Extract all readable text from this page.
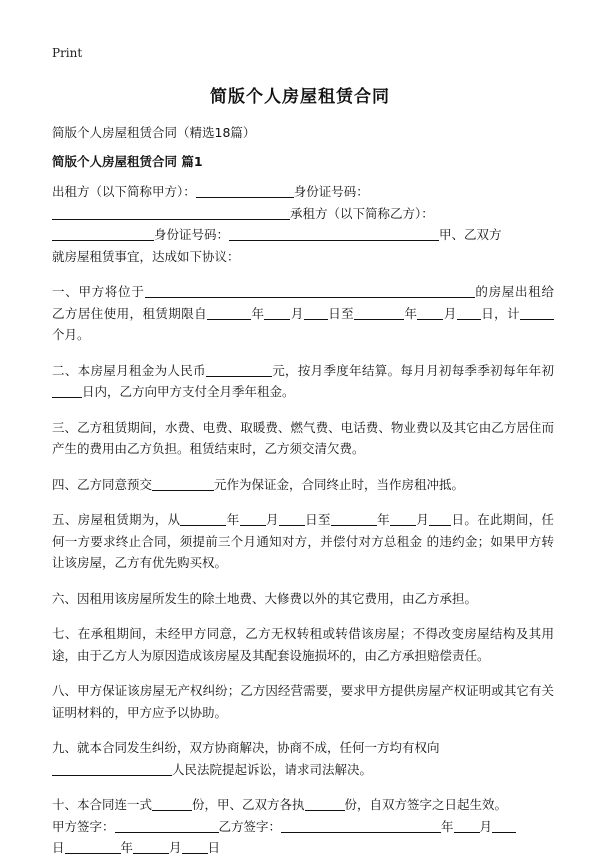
Print
简版个人房屋租赁合同
简版个人房屋租赁合同（精选18篇）
简版个人房屋租赁合同 篇1

出租方（以下简称甲方）：	身份证号码：
承租方（以下简称乙方）：
身份证号码：	甲、乙双方
就房屋租赁事宜，达成如下协议：

一、甲方将位于	的房屋出租给乙方居住使用，租赁期限自	年 月 日至	年 月 日，计个月。

二、本房屋月租金为人民币	元，按月季度年结算。每月月初每季季初每年年初日内，乙方向甲方支付全月季年租金。

三、乙方租赁期间，水费、电费、取暖费、燃气费、电话费、物业费以及其它由乙方居住而产生的费用由乙方负担。租赁结束时，乙方须交清欠费。

四、乙方同意预交	元作为保证金，合同终止时，当作房租冲抵。

五、房屋租赁期为，从	年 月 日至	年 月 日。在此期间，任何一方要求终止合同，须提前三个月通知对方，并偿付对方总租金 的违约金；如果甲方转让该房屋，乙方有优先购买权。

六、因租用该房屋所发生的除土地费、大修费以外的其它费用，由乙方承担。

七、在承租期间，未经甲方同意，乙方无权转租或转借该房屋；不得改变房屋结构及其用途，由于乙方人为原因造成该房屋及其配套设施损坏的，由乙方承担赔偿责任。

八、甲方保证该房屋无产权纠纷；乙方因经营需要，要求甲方提供房屋产权证明或其它有关证明材料的，甲方应予以协助。

九、就本合同发生纠纷，双方协商解决，协商不成，任何一方均有权向
人民法院提起诉讼，请求司法解决。

十、本合同连一式	份，甲、乙双方各执	份，自双方签字之日起生效。
甲方签字：	乙方签字：	年 月
日	年	月 日
